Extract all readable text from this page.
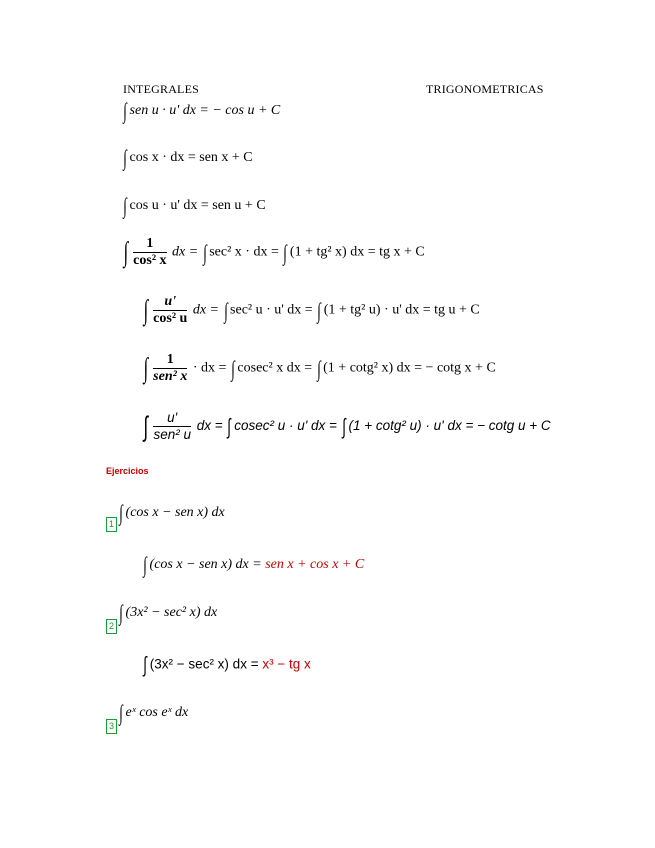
INTEGRALES	TRIGONOMETRICAS
∫ sen u · u' dx = − cos u + C
∫ cos x · dx = sen x + C
∫ cos u · u' dx = sen u + C
∫ $\frac{1}{\text{cos² x}}$ dx = ∫ sec² x · dx = ∫ (1 + tg² x) dx = tg x + C
∫ $\frac{u'}{\text{cos² u}}$ dx = ∫ sec² u · u' dx = ∫ (1 + tg² u) · u' dx = tg u + C
∫ $\frac{1}{\text{sen² x}}$ · dx = ∫ cosec² x dx = ∫ (1 + cotg² x) dx = − cotg x + C
∫ $\frac{u'}{\text{sen² u}}$ dx = ∫ cosec² u · u' dx = ∫ (1 + cotg² u) · u' dx = − cotg u + C
Ejercicios
1 ∫ (cos x − sen x) dx
∫ (cos x − sen x) dx = sen x + cos x + C
2
∫ (3x² − sec² x) dx
∫ (3x² − sec² x) dx = x³ − tg x
3
∫ eˣ cos eˣ dx
